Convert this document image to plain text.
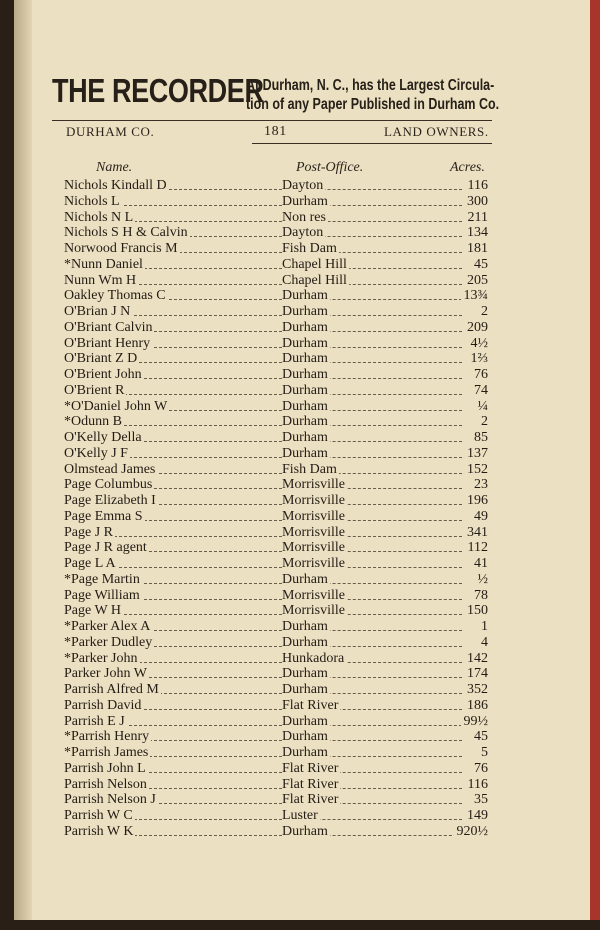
THE RECORDER
At Durham, N. C., has the Largest Circula-
tion of any Paper Published in Durham Co.
DURHAM CO.	181	LAND OWNERS.
Name.	Post-Office.	Acres.
Nichols Kindall D	Dayton	116
Nichols L	Durham	300
Nichols N L	Non res	211
Nichols S H & Calvin	Dayton	134
Norwood Francis M	Fish Dam	181
*Nunn Daniel	Chapel Hill	45
Nunn Wm H	Chapel Hill	205
Oakley Thomas C	Durham	13¾
O'Brian J N	Durham	2
O'Briant Calvin	Durham	209
O'Briant Henry	Durham	4½
O'Briant Z D	Durham	1⅔
O'Brient John	Durham	76
O'Brient R	Durham	74
*O'Daniel John W	Durham	¼
*Odunn B	Durham	2
O'Kelly Della	Durham	85
O'Kelly J F	Durham	137
Olmstead James	Fish Dam	152
Page Columbus	Morrisville	23
Page Elizabeth I	Morrisville	196
Page Emma S	Morrisville	49
Page J R	Morrisville	341
Page J R agent	Morrisville	112
Page L A	Morrisville	41
*Page Martin	Durham	½
Page William	Morrisville	78
Page W H	Morrisville	150
*Parker Alex A	Durham	1
*Parker Dudley	Durham	4
*Parker John	Hunkadora	142
Parker John W	Durham	174
Parrish Alfred M	Durham	352
Parrish David	Flat River	186
Parrish E J	Durham	99½
*Parrish Henry	Durham	45
*Parrish James	Durham	5
Parrish John L	Flat River	76
Parrish Nelson	Flat River	116
Parrish Nelson J	Flat River	35
Parrish W C	Luster	149
Parrish W K	Durham	920½
